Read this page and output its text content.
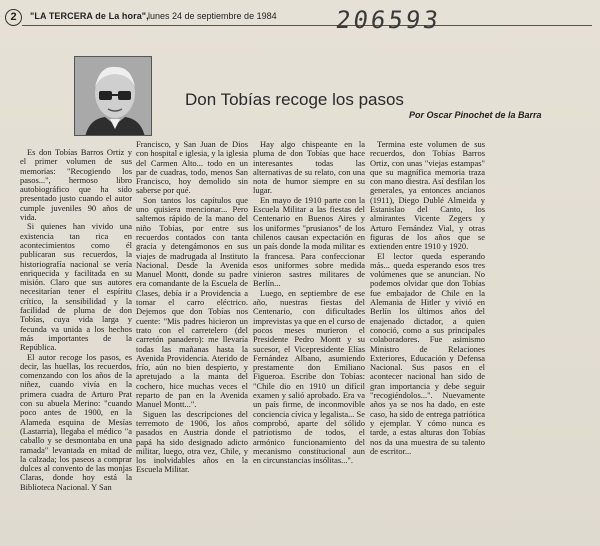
2	"LA TERCERA de La hora", lunes 24 de septiembre de 1984 206593
Don Tobías recoge los pasos
Por Oscar Pinochet de la Barra

Es don Tobías Barros Ortiz y el primer volumen de sus memorias: "Recogiendo los pasos...", hermoso libro autobiográfico que ha sido presentado justo cuando el autor cumple juveniles 90 años de vida.

Si quienes han vivido una existencia tan rica en acontecimientos como él publicaran sus recuerdos, la historiografía nacional se vería enriquecida y facilitada en su misión. Claro que sus autores necesitarían tener el espíritu crítico, la sensibilidad y la facilidad de pluma de don Tobías, cuya vida larga y fecunda va unida a los hechos más importantes de la República.

El autor recoge los pasos, es decir, las huellas, los recuerdos, comenzando con los años de la niñez, cuando vivía en la primera cuadra de Arturo Prat con su abuela Merino: "cuando poco antes de 1900, en la Alameda esquina de Mesías (Lastarria), llegaba el médico "a caballo y se desmontaba en una ramada" levantada en mitad de la calzada; los paseos a comprar dulces al convento de las monjas Claras, donde hoy está la Biblioteca Nacional. Y San

Francisco, y San Juan de Dios con hospital e iglesia, y la iglesia del Carmen Alto... todo en un par de cuadras, todo, menos San Francisco, hoy demolido sin saberse por qué.

Son tantos los capítulos que uno quisiera mencionar... Pero saltemos rápido de la mano del niño Tobías, por entre sus recuerdos contados con tanta gracia y detengámonos en sus viajes de madrugada al Instituto Nacional. Desde la Avenida Manuel Montt, donde su padre era comandante de la Escuela de Clases, debía ir a Providencia a tomar el carro eléctrico. Dejemos que don Tobías nos cuente: "Mis padres hicieron un trato con el carretelero (del carretón panadero): me llevaría todas las mañanas hasta la Avenida Providencia. Aterido de frío, aún no bien despierto, y apretujado a la manta del cochero, hice muchas veces el reparto de pan en la Avenida Manuel Montt...".

Siguen las descripciones del terremoto de 1906, los años pasados en Austria donde el papá ha sido designado adicto militar, luego, otra vez, Chile, y los inolvidables años en la Escuela Militar.

Hay algo chispeante en la pluma de don Tobías que hace interesantes todas las alternativas de su relato, con una nota de humor siempre en su lugar.

En mayo de 1910 parte con la Escuela Militar a las fiestas del Centenario en Buenos Aires y los uniformes "prusianos" de los chilenos causan expectación en un país donde la moda militar es la francesa. Para confeccionar esos uniformes sobre medida vinieron sastres militares de Berlín...

Luego, en septiembre de ese año, nuestras fiestas del Centenario, con dificultades imprevistas ya que en el curso de pocos meses murieron el Presidente Pedro Montt y su sucesor, el Vicepresidente Elías Fernández Albano, asumiendo prestamente don Emiliano Figueroa. Escribe don Tobías: "Chile dio en 1910 un difícil examen y salió aprobado. Era va un país firme, de inconmovible conciencia cívica y legalista... Se comprobó, aparte del sólido patriotismo de todos, el armónico funcionamiento del mecanismo constitucional aun en circunstancias insólitas...".

Termina este volumen de sus recuerdos, don Tobías Barros Ortiz, con unas "viejas estampas" que su magnífica memoria traza con mano diestra. Así desfilan los generales, ya entonces ancianos (1911), Diego Dublé Almeida y Estanislao del Canto, los almirantes Vicente Zegers y Arturo Fernández Vial, y otras figuras de los años que se extienden entre 1910 y 1920.

El lector queda esperando más... queda esperando esos tres volúmenes que se anuncian. No podemos olvidar que don Tobías fue embajador de Chile en la Alemania de Hitler y vivió en Berlín los últimos años del enajenado dictador, a quien conoció, como a sus principales colaboradores. Fue asimismo Ministro de Relaciones Exteriores, Educación y Defensa Nacional. Sus pasos en el acontecer nacional han sido de gran importancia y debe seguir "recogiéndolos...". Nuevamente años ya se nos ha dado, en este caso, ha sido de entrega patriótica y ejemplar. Y cómo nunca es tarde, a estas alturas don Tobías nos da una muestra de su talento de escritor...
